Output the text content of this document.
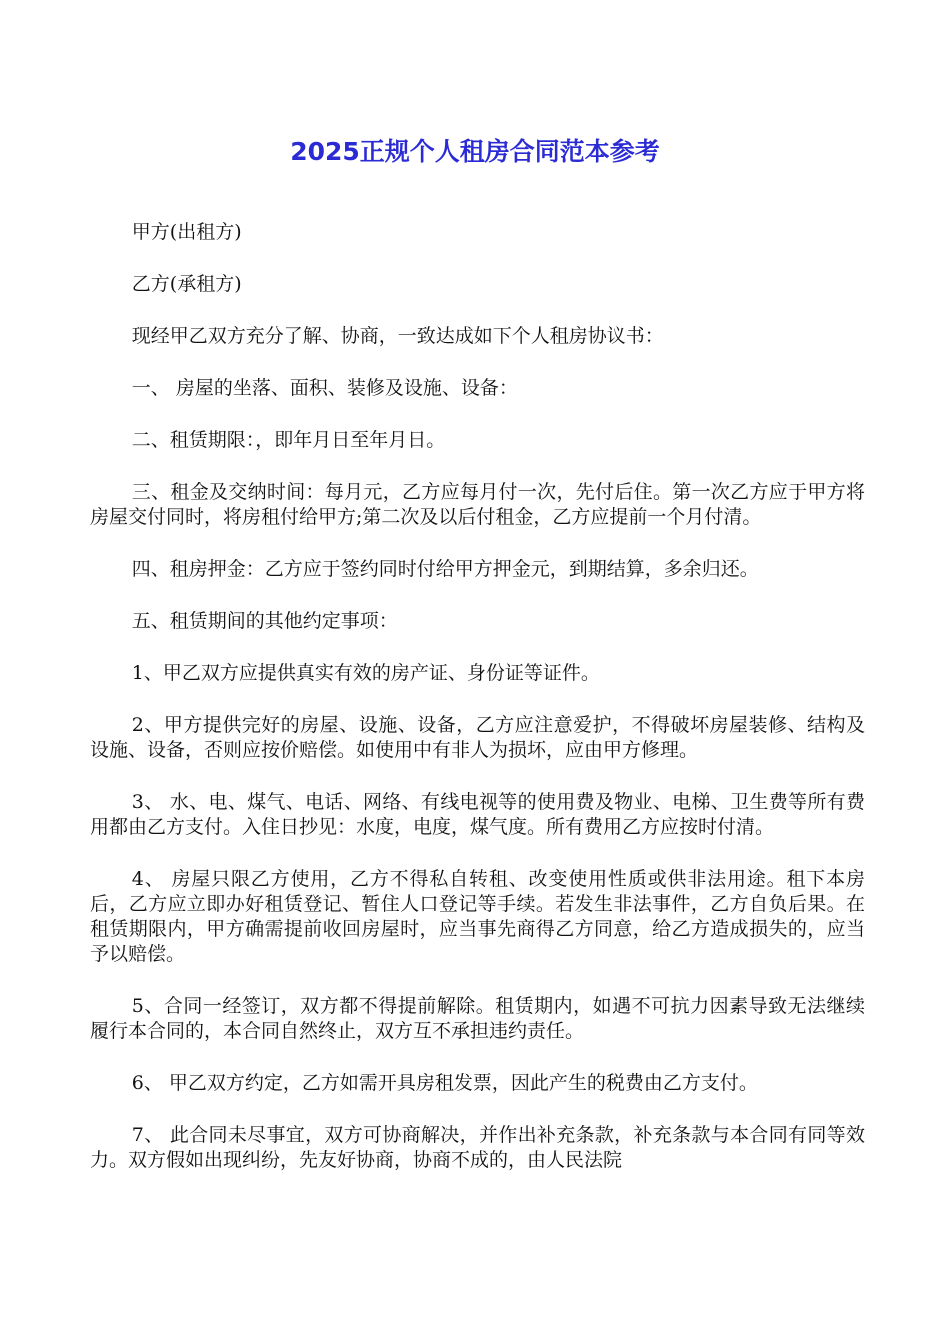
2025正规个人租房合同范本参考

甲方(出租方)

乙方(承租方)

现经甲乙双方充分了解、协商，一致达成如下个人租房协议书：

一、 房屋的坐落、面积、装修及设施、设备：

二、租赁期限：，即年月日至年月日。

三、租金及交纳时间：每月元，乙方应每月付一次，先付后住。第一次乙方应于甲方将房屋交付同时，将房租付给甲方;第二次及以后付租金，乙方应提前一个月付清。

四、租房押金：乙方应于签约同时付给甲方押金元，到期结算，多余归还。

五、租赁期间的其他约定事项：

1、甲乙双方应提供真实有效的房产证、身份证等证件。

2、甲方提供完好的房屋、设施、设备，乙方应注意爱护，不得破坏房屋装修、结构及设施、设备，否则应按价赔偿。如使用中有非人为损坏，应由甲方修理。

3、 水、电、煤气、电话、网络、有线电视等的使用费及物业、电梯、卫生费等所有费用都由乙方支付。入住日抄见：水度，电度，煤气度。所有费用乙方应按时付清。

4、 房屋只限乙方使用，乙方不得私自转租、改变使用性质或供非法用途。租下本房后，乙方应立即办好租赁登记、暂住人口登记等手续。若发生非法事件，乙方自负后果。在租赁期限内，甲方确需提前收回房屋时，应当事先商得乙方同意，给乙方造成损失的，应当予以赔偿。

5、合同一经签订，双方都不得提前解除。租赁期内，如遇不可抗力因素导致无法继续履行本合同的，本合同自然终止，双方互不承担违约责任。

6、 甲乙双方约定，乙方如需开具房租发票，因此产生的税费由乙方支付。

7、 此合同未尽事宜，双方可协商解决，并作出补充条款，补充条款与本合同有同等效力。双方假如出现纠纷，先友好协商，协商不成的，由人民法院
